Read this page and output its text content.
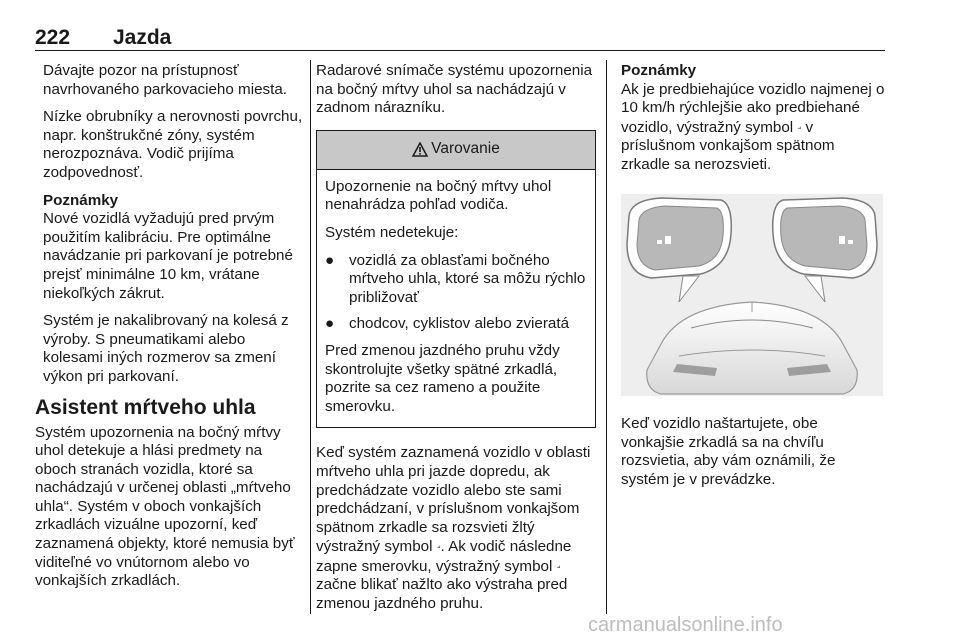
222 Jazda

Dávajte pozor na prístupnosť navrhovaného parkovacieho miesta.

Nízke obrubníky a nerovnosti povrchu, napr. konštrukčné zóny, systém nerozpoznáva. Vodič prijíma zodpovednosť.

Poznámky
Nové vozidlá vyžadujú pred prvým použitím kalibráciu. Pre optimálne navádzanie pri parkovaní je potrebné prejsť minimálne 10 km, vrátane niekoľkých zákrut.

Systém je nakalibrovaný na kolesá z výroby. S pneumatikami alebo kolesami iných rozmerov sa zmení výkon pri parkovaní.

Asistent mŕtveho uhla

Systém upozornenia na bočný mŕtvy uhol detekuje a hlási predmety na oboch stranách vozidla, ktoré sa nachádzajú v určenej oblasti „mŕtveho uhla“. Systém v oboch vonkajších zrkadlách vizuálne upozorní, keď zaznamená objekty, ktoré nemusia byť viditeľné vo vnútornom alebo vo vonkajších zrkadlách.

Radarové snímače systému upozornenia na bočný mŕtvy uhol sa nachádzajú v zadnom nárazníku.

Varovanie

Upozornenie na bočný mŕtvy uhol nenahrádza pohľad vodiča.

Systém nedetekuje:

● vozidlá za oblasťami bočného mŕtveho uhla, ktoré sa môžu rýchlo približovať
● chodcov, cyklistov alebo zvieratá

Pred zmenou jazdného pruhu vždy skontrolujte všetky spätné zrkadlá, pozrite sa cez rameno a použite smerovku.

Keď systém zaznamená vozidlo v oblasti mŕtveho uhla pri jazde dopredu, ak predchádzate vozidlo alebo ste sami predchádzaní, v príslušnom vonkajšom spätnom zrkadle sa rozsvieti žltý výstražný symbol ⟓. Ak vodič následne zapne smerovku, výstražný symbol ⟓ začne blikať nažlto ako výstraha pred zmenou jazdného pruhu.

Poznámky
Ak je predbiehajúce vozidlo najmenej o 10 km/h rýchlejšie ako predbiehané vozidlo, výstražný symbol ⟓ v príslušnom vonkajšom spätnom zrkadle sa nerozsvieti.

Keď vozidlo naštartujete, obe vonkajšie zrkadlá sa na chvíľu rozsvietia, aby vám oznámili, že systém je v prevádzke.

carmanualsonline.info
